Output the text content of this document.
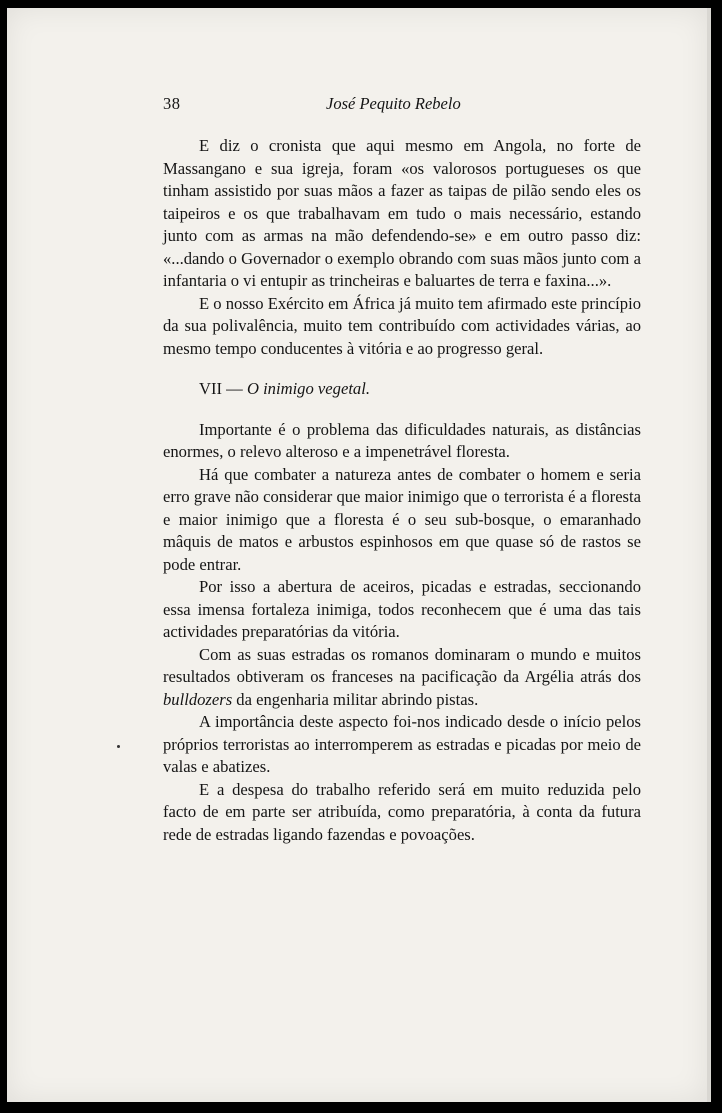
38	José Pequito Rebelo

E diz o cronista que aqui mesmo em Angola, no forte de Massangano e sua igreja, foram «os valorosos portugueses os que tinham assistido por suas mãos a fazer as taipas de pilão sendo eles os taipeiros e os que trabalhavam em tudo o mais necessário, estando junto com as armas na mão defendendo-se» e em outro passo diz: «...dando o Governador o exemplo obrando com suas mãos junto com a infantaria o vi entupir as trincheiras e baluartes de terra e faxina...».

E o nosso Exército em África já muito tem afirmado este princípio da sua polivalência, muito tem contribuído com actividades várias, ao mesmo tempo conducentes à vitória e ao progresso geral.

VII — O inimigo vegetal.

Importante é o problema das dificuldades naturais, as distâncias enormes, o relevo alteroso e a impenetrável floresta.

Há que combater a natureza antes de combater o homem e seria erro grave não considerar que maior inimigo que o terrorista é a floresta e maior inimigo que a floresta é o seu sub-bosque, o emaranhado mâquis de matos e arbustos espinhosos em que quase só de rastos se pode entrar.

Por isso a abertura de aceiros, picadas e estradas, seccionando essa imensa fortaleza inimiga, todos reconhecem que é uma das tais actividades preparatórias da vitória.

Com as suas estradas os romanos dominaram o mundo e muitos resultados obtiveram os franceses na pacificação da Argélia atrás dos bulldozers da engenharia militar abrindo pistas.

A importância deste aspecto foi-nos indicado desde o início pelos próprios terroristas ao interromperem as estradas e picadas por meio de valas e abatizes.

E a despesa do trabalho referido será em muito reduzida pelo facto de em parte ser atribuída, como preparatória, à conta da futura rede de estradas ligando fazendas e povoações.
